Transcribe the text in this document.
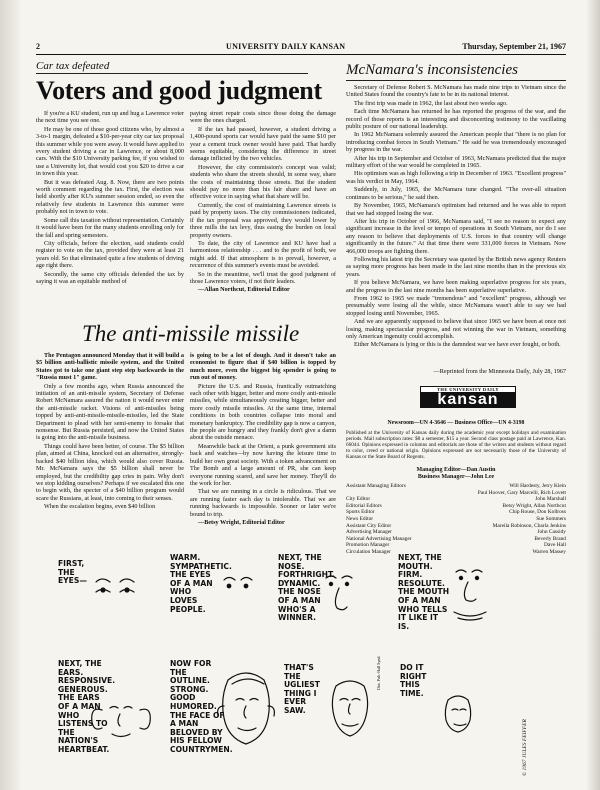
2	UNIVERSITY DAILY KANSAN	Thursday, September 21, 1967
Car tax defeated
Voters and good judgment

If you're a KU student, run up and hug a Lawrence voter the next time you see one.

He may be one of those good citizens who, by almost a 3-to-1 margin, defeated a $10-per-year city car tax proposal this summer while you were away. It would have applied to every student driving a car in Lawrence, or about 8,000 cars. With the $10 University parking fee, if you wished to use a University lot, that would cost you $20 to drive a car in town this year.

But it was defeated Aug. 8. Now, there are two points worth comment regarding the tax. First, the election was held shortly after KU's summer session ended, so even the relatively few students in Lawrence this summer were probably not in town to vote.

Some call this taxation without representation. Certainly it would have been for the many students enrolling only for the fall and spring semesters.

City officials, before the election, said students could register to vote on the tax, provided they were at least 21 years old. So that eliminated quite a few students of driving age right there.

Secondly, the same city officials defended the tax by saying it was an equitable method of

paying street repair costs since those doing the damage were the ones charged.

If the tax had passed, however, a student driving a 1,400-pound sports car would have paid the same $10 per year a cement truck owner would have paid. That hardly seems equitable, considering the difference in street damage inflicted by the two vehicles.

However, the city commission's concept was valid; students who share the streets should, in some way, share the costs of maintaining those streets. But the student should pay no more than his fair share and have an effective voice in saying what that share will be.

Currently, the cost of maintaining Lawrence streets is paid by property taxes. The city commissioners indicated, if the tax proposal was approved, they would lower by three mills the tax levy, thus easing the burden on local property owners.

To date, the city of Lawrence and KU have had a harmonious relationship . . . and to the profit of both, we might add. If that atmosphere is to prevail, however, a recurrence of this summer's events must be avoided.

So in the meantime, we'll trust the good judgment of those Lawrence voters, if not their leaders.

—Allan Northcut, Editorial Editor

The anti-missile missile

The Pentagon announced Monday that it will build a $5 billion anti-ballistic missile system, and the United States got to take one giant step step backwards in the "Russia must 1" game.

Only a few months ago, when Russia announced the initiation of an anti-missile system, Secretary of Defense Robert McNamara assured the nation it would never enter the anti-missile racket. Visions of anti-missiles being topped by anti-anti-missile-missile-missiles, led the State Department to plead with her semi-enemy to forsake that nonsense. But Russia persisted, and now the United States is going into the anti-missile business.

Things could have been better, of course. The $5 billion plan, aimed at China, knocked out an alternative, strongly-backed $40 billion idea, which would also cover Russia. Mr. McNamara says the $5 billion shall never be employed, but the credibility gap cries in pain. Why don't we stop kidding ourselves? Perhaps if we escalated this one to begin with, the specter of a $40 billion program would scare the Russians, at least, into coming to their senses.

When the escalation begins, even $40 billion

is going to be a lot of dough. And it doesn't take an economist to figure that if $40 billion is topped by much more, even the biggest big spender is going to run out of money.

Picture the U.S. and Russia, frantically outmatching each other with bigger, better and more costly anti-missile missiles, while simultaneously creating bigger, better and more costly missile missiles. At the same time, internal conditions in both countries collapse into moral and monetary bankruptcy. The credibility gap is now a canyon, the people are hungry and they frankly don't give a damn about the outside menace.

Meanwhile back at the Orient, a punk government sits back and watches—by now having the leisure time to build her own great society. With a token advancement on The Bomb and a large amount of PR, she can keep everyone running scared, and save her money. They'll do the work for her.

That we are running in a circle is ridiculous. That we are running faster each day is intolerable. That we are running backwards is impossible. Sooner or later we're bound to trip.

—Betsy Wright, Editorial Editor

McNamara's inconsistencies

Secretary of Defense Robert S. McNamara has made nine trips to Vietnam since the United States found the country's fate to be in its national interest.

The first trip was made in 1962, the last about two weeks ago.

Each time McNamara has returned he has reported the progress of the war, and the record of those reports is an interesting and disconcerting testimony to the vacillating public posture of our national leadership.

In 1962 McNamara solemnly assured the American people that "there is no plan for introducing combat forces in South Vietnam." He said he was tremendously encouraged by progress in the war.

After his trip in September and October of 1963, McNamara predicted that the major military effort of the war would be completed in 1965.

His optimism was as high following a trip in December of 1963. "Excellent progress" was his verdict in May, 1964.

Suddenly, in July, 1965, the McNamara tune changed. "The over-all situation continues to be serious," he said then.

By November, 1965, McNamara's optimism had returned and he was able to report that we had stopped losing the war.

After his trip in October of 1966, McNamara said, "I see no reason to expect any significant increase in the level or tempo of operations in South Vietnam, nor do I see any reason to believe that deployments of U.S. forces to that country will change significantly in the future." At that time there were 331,000 forces in Vietnam. Now 466,000 troops are fighting there.

Following his latest trip the Secretary was quoted by the British news agency Reuters as saying more progress has been made in the last nine months than in the previous six years.

If you believe McNamara, we have been making superlative progress for six years, and the progress in the last nine months has been superlative superlative.

From 1962 to 1965 we made "tremendous" and "excellent" progress, although we presumably were losing all the while, since McNamara wasn't able to say we had stopped losing until November, 1965.

And we are apparently supposed to believe that since 1965 we have been at once not losing, making spectacular progress, and not winning the war in Vietnam, something only American ingenuity could accomplish.

Either McNamara is lying or this is the damndest war we have ever fought, or both.

—Reprinted from the Minnesota Daily, July 28, 1967
THE UNIVERSITY DAILY
kansan
Newsroom—UN 4-3646 — Business Office—UN 4-3198
Published at the University of Kansas daily during the academic year except holidays and examination periods. Mail subscription rates: $8 a semester, $15 a year. Second class postage paid at Lawrence, Kan. 66044. Opinions expressed in columns and editorials are those of the writers and students without regard to color, creed or national origin. Opinions expressed are not necessarily those of the University of Kansas or the State Board of Regents.
Managing Editor—Dan Austin
Business Manager—John Lee
Assistant Managing Editors	Will Hardesty, Jerry Klein
Paul Hoover, Gary Marcelli, Rich Lovett
City Editor	John Marshall
Editorial Editors	Betsy Wright, Allan Northcut
Sports Editor	Chip Rouse, Don Kollross
News Editor	Sue Sommers
Assistant City Editor	Mareila Robinson, Charla Jenkins
Advertising Manager	John Cassidy
National Advertising Manager	Beverly Brand
Promotion Manager	Dave Hall
Circulation Manager	Warren Massey
FIRST, THE EYES—
WARM. SYMPATHETIC. THE EYES OF A MAN WHO LOVES PEOPLE.
NEXT, THE NOSE. FORTHRIGHT. DYNAMIC. THE NOSE OF A MAN WHO'S A WINNER.
NEXT, THE MOUTH. FIRM. RESOLUTE. THE MOUTH OF A MAN WHO TELLS IT LIKE IT IS.
NEXT, THE EARS. RESPONSIVE. GENEROUS. THE EARS OF A MAN WHO LISTENS TO THE NATION'S HEARTBEAT.
NOW FOR THE OUTLINE. STRONG. GOOD HUMORED. THE FACE OF A MAN BELOVED BY HIS FELLOW COUNTRYMEN.
THAT'S THE UGLIEST THING I EVER SAW.
DO IT RIGHT THIS TIME.
Dist. Pub.-Hall Synd.
© 1967 JULES FEIFFER
